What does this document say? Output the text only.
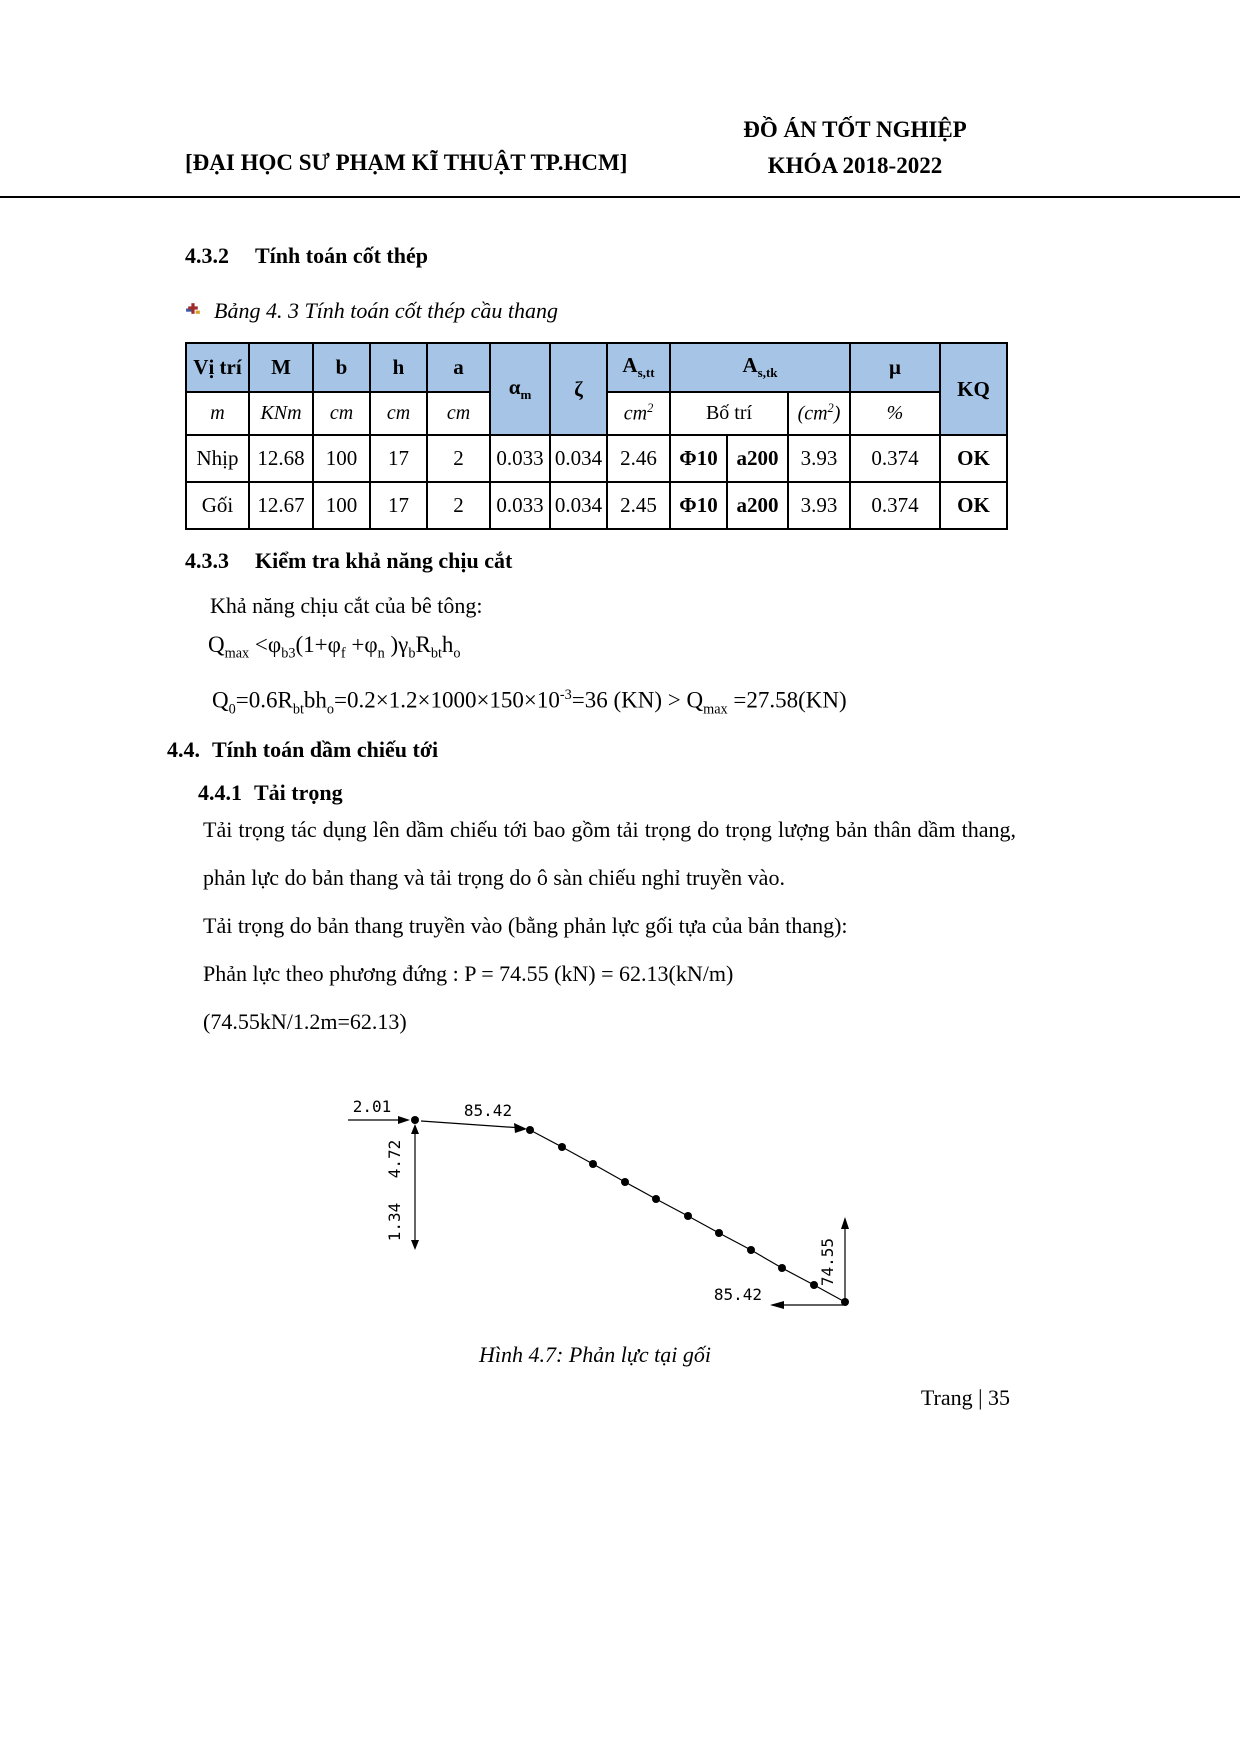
[ĐẠI HỌC SƯ PHẠM KĨ THUẬT TP.HCM]
ĐỒ ÁN TỐT NGHIỆP
KHÓA 2018-2022
4.3.2 Tính toán cốt thép
Bảng 4. 3 Tính toán cốt thép cầu thang
Vị trí	M	b	h	a	$\alpha_m$	ζ	$A_{s,tt}$	$A_{s,tk}$			μ	KQ
m	KNm	cm	cm	cm			$cm^2$	Bố trí		$(cm^2)$	%	
Nhịp	12.68	100	17	2	0.033	0.034	2.46	Φ10	a200	3.93	0.374	OK
Gối	12.67	100	17	2	0.033	0.034	2.45	Φ10	a200	3.93	0.374	OK
4.3.3 Kiểm tra khả năng chịu cắt
Khả năng chịu cắt của bê tông:
$Q_{max} <\varphi_{b3}(1+\varphi_f +\varphi_n$ )$\gamma_bR_{bt}h_o$
$Q_0=0.6R_{bt}bh_o=0.2\times 1.2\times 1000\times 150\times 10^{-3}=36$ $(KN) > Q_{max} =27.58(KN)$
4.4. Tính toán dầm chiếu tới
4.4.1 Tải trọng

Tải trọng tác dụng lên dầm chiếu tới bao gồm tải trọng do trọng lượng bản thân dầm thang, phản lực do bản thang và tải trọng do ô sàn chiếu nghỉ truyền vào.

Tải trọng do bản thang truyền vào (bằng phản lực gối tựa của bản thang):

Phản lực theo phương đứng : P = 74.55 (kN) = 62.13(kN/m)

(74.55kN/1.2m=62.13)

2.01	85.42
4.72
1.34
74.55
85.42
Hình 4.7: Phản lực tại gối
Trang | 35
